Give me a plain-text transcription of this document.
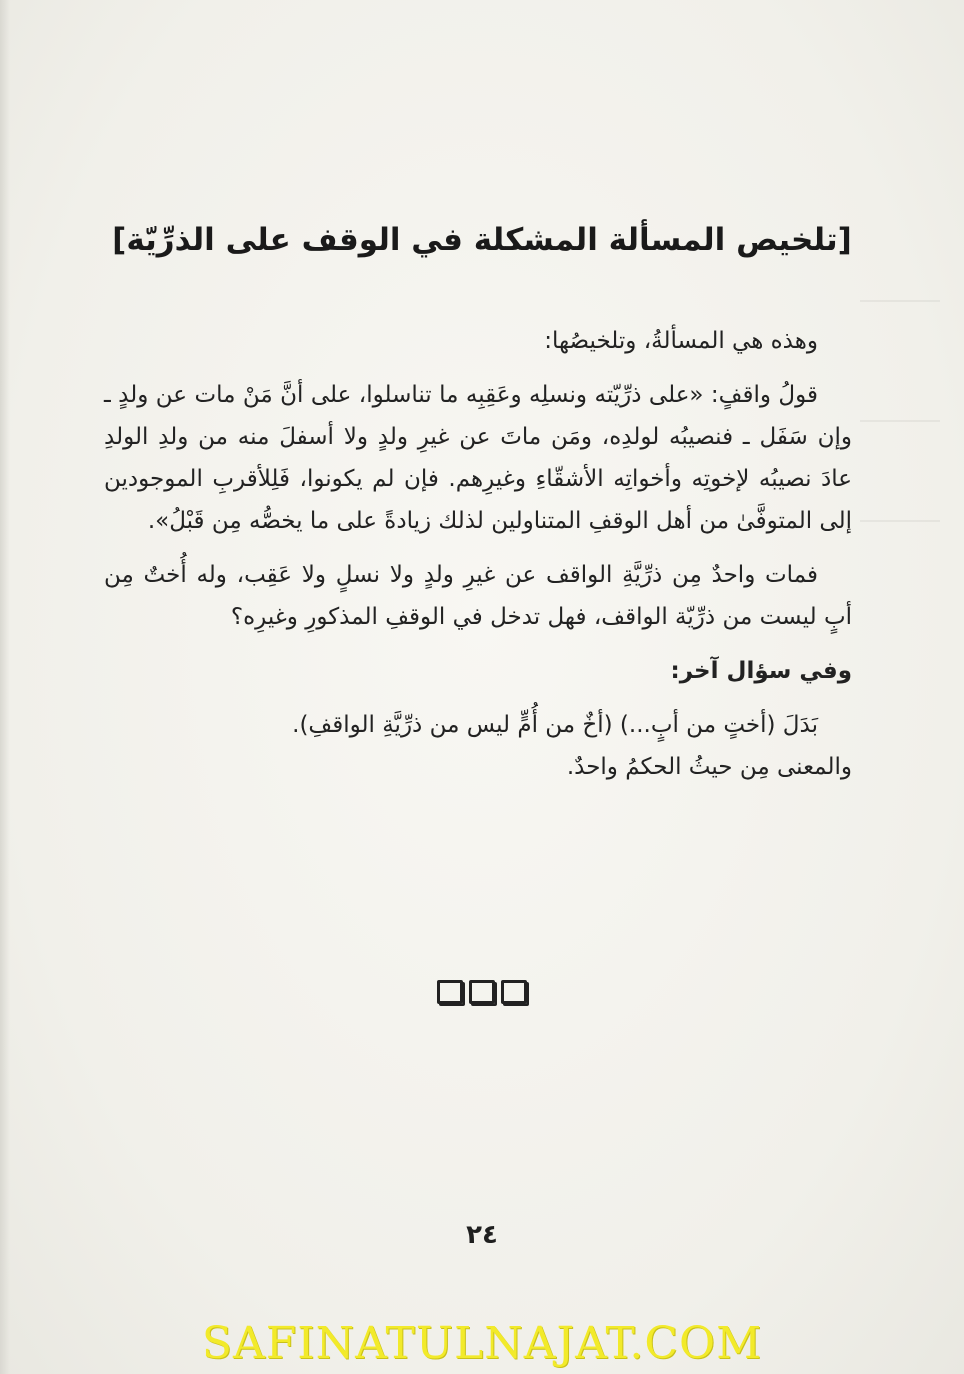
[تلخيص المسألة المشكلة في الوقف على الذرِّيّة]

وهذه هي المسألةُ، وتلخيصُها:

قولُ واقفٍ: «على ذرِّيّته ونسلِه وعَقِبِه ما تناسلوا، على أنَّ مَنْ مات عن ولدٍ ـ وإن سَفَل ـ فنصيبُه لولدِه، ومَن ماتَ عن غيرِ ولدٍ ولا أسفلَ منه من ولدِ الولدِ عادَ نصيبُه لإخوتِه وأخواتِه الأشقّاءِ وغيرِهم. فإن لم يكونوا، فَلِلأقربِ الموجودين إلى المتوفَّىٰ من أهل الوقفِ المتناولين لذلك زيادةً على ما يخصُّه مِن قَبْلُ».

فمات واحدٌ مِن ذرِّيَّةِ الواقف عن غيرِ ولدٍ ولا نسلٍ ولا عَقِب، وله أُختٌ مِن أبٍ ليست من ذرِّيّة الواقف، فهل تدخل في الوقفِ المذكورِ وغيرِه؟

وفي سؤال آخر:

بَدَلَ (أختٍ من أبٍ...) (أخٌ من أُمٍّ ليس من ذرِّيَّةِ الواقفِ).

والمعنى مِن حيثُ الحكمُ واحدٌ.

٢٤
SAFINATULNAJAT.COM
